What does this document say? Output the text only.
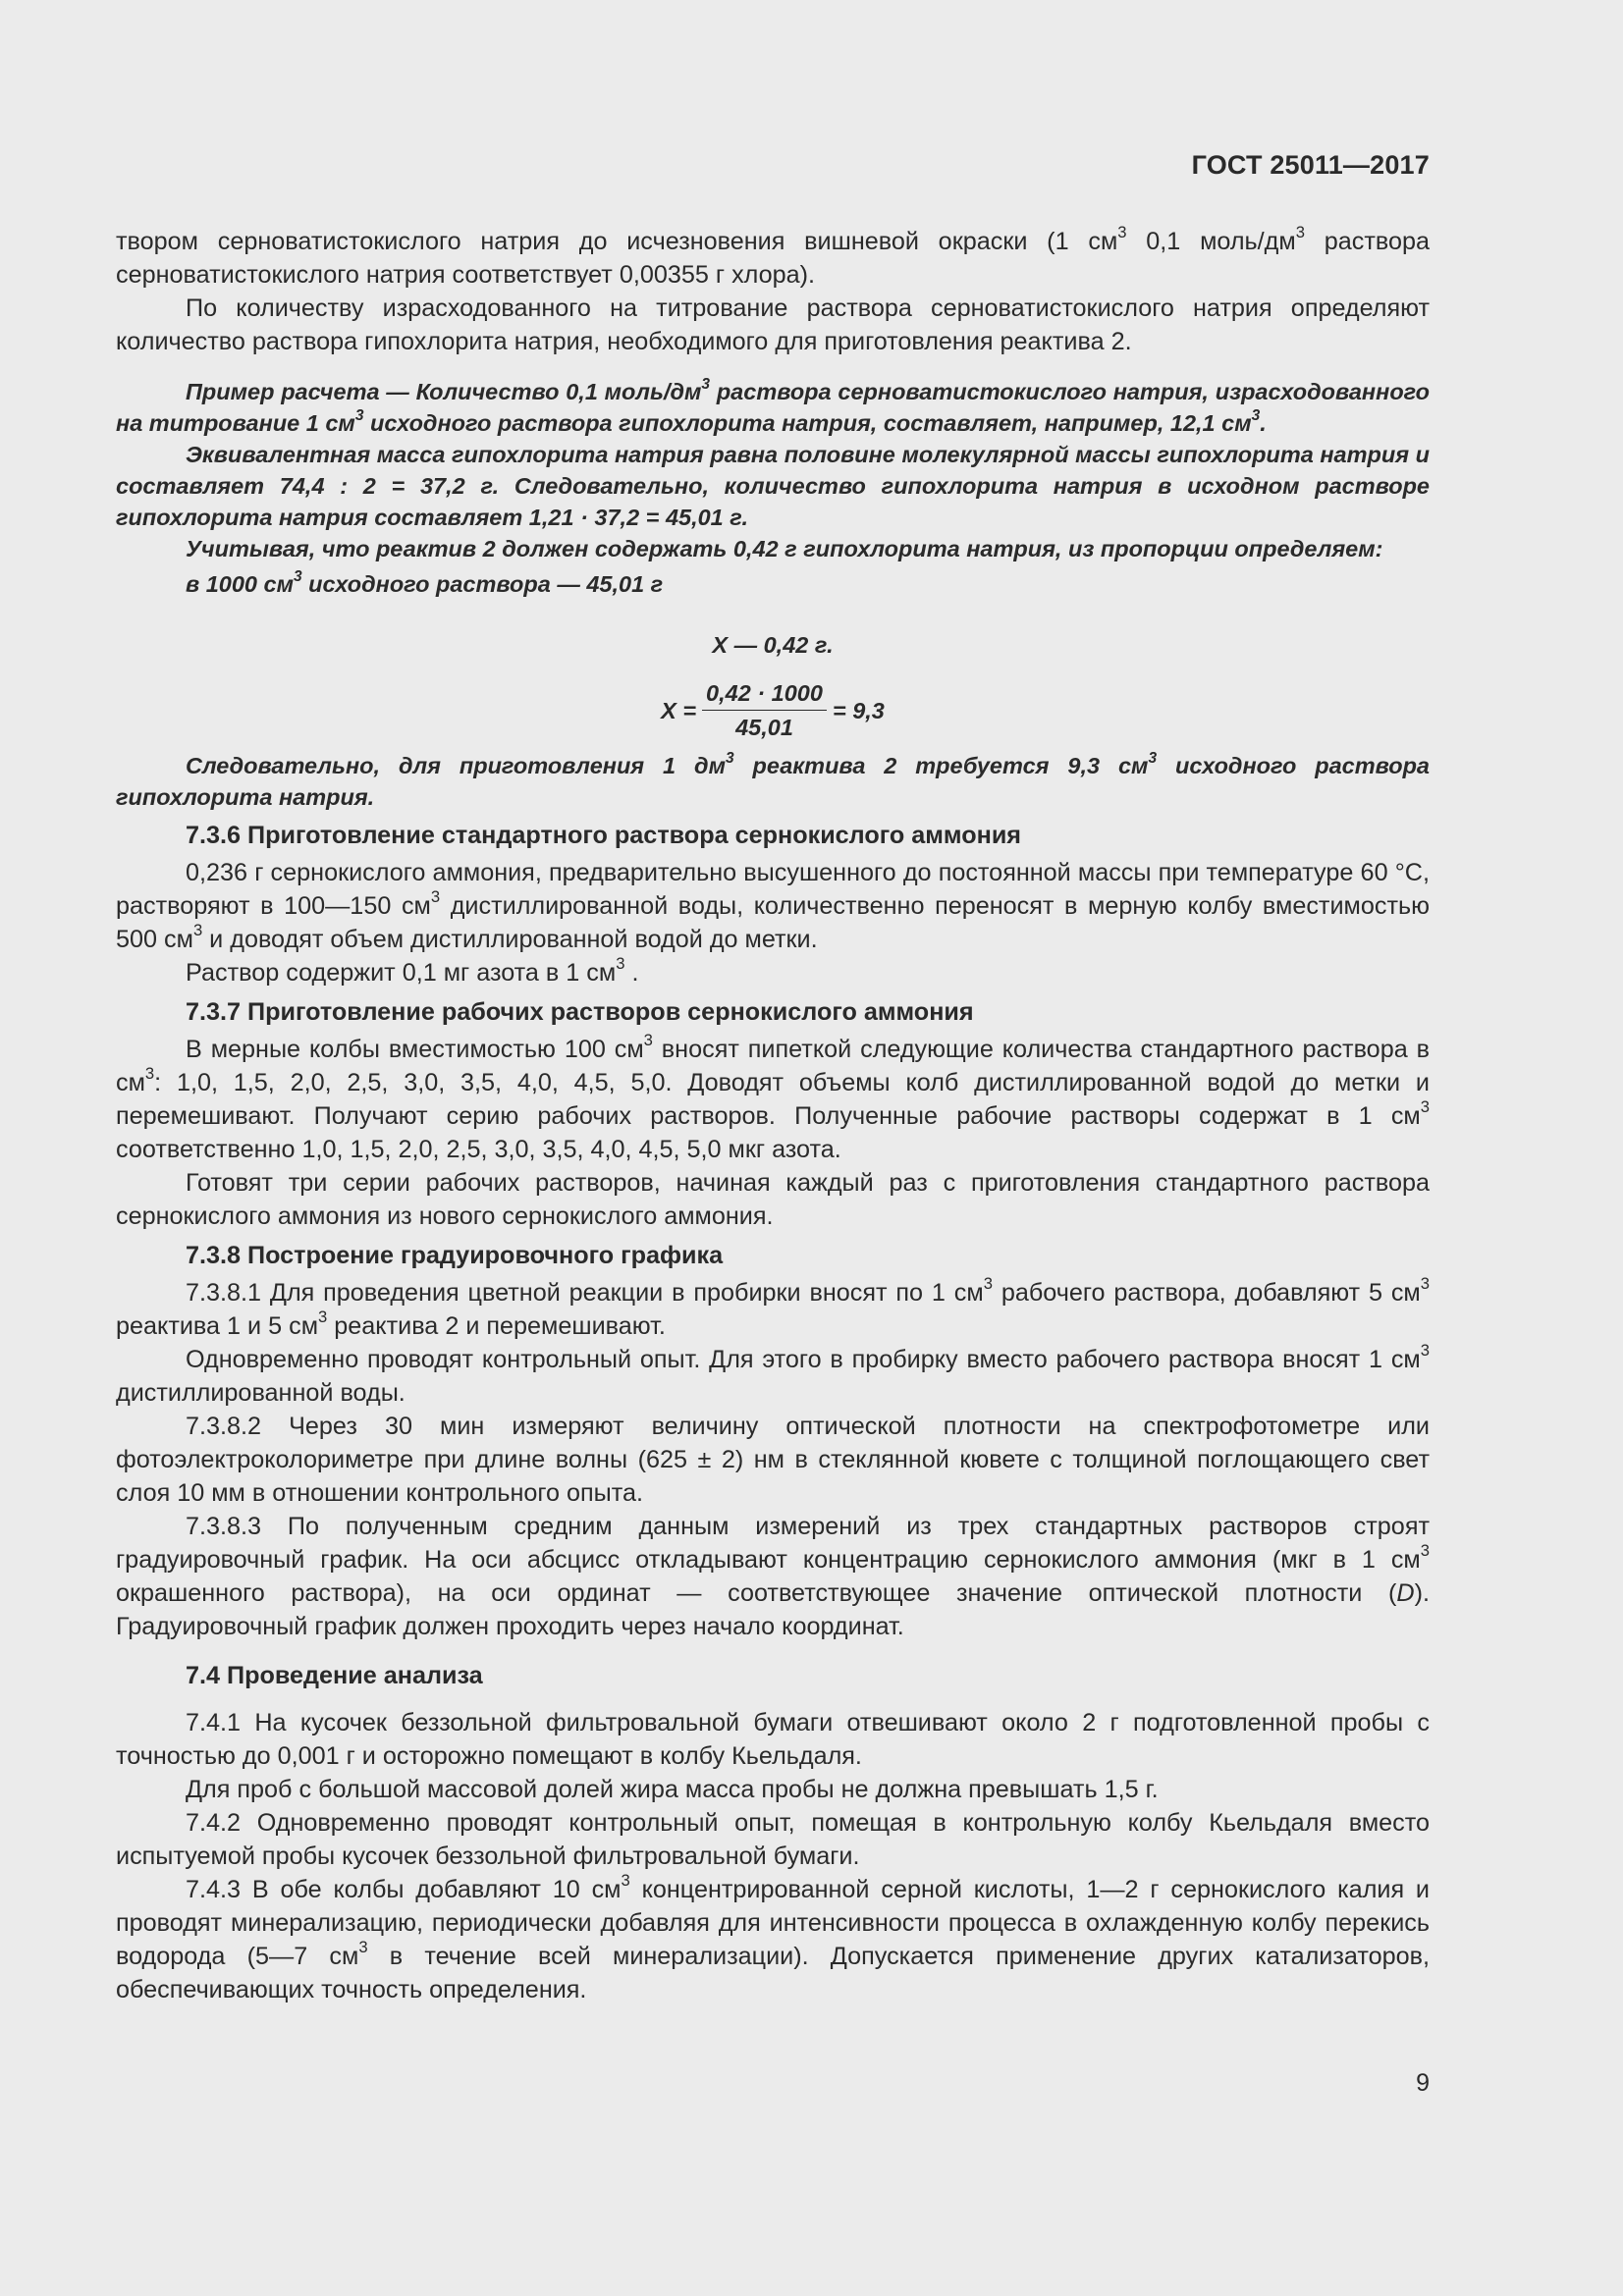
ГОСТ 25011—2017

твором серноватистокислого натрия до исчезновения вишневой окраски (1 $см^3$ 0,1 моль/$дм^3$ раствора серноватистокислого натрия соответствует 0,00355 г хлора).

По количеству израсходованного на титрование раствора серноватистокислого натрия определяют количество раствора гипохлорита натрия, необходимого для приготовления реактива 2.

Пример расчета — Количество 0,1 моль/$дм^3$ раствора серноватистокислого натрия, израсходованного на титрование 1 $см^3$ исходного раствора гипохлорита натрия, составляет, например, 12,1 $см^3$.

Эквивалентная масса гипохлорита натрия равна половине молекулярной массы гипохлорита натрия и составляет 74,4 : 2 = 37,2 г. Следовательно, количество гипохлорита натрия в исходном растворе гипохлорита натрия составляет 1,21 · 37,2 = 45,01 г.

Учитывая, что реактив 2 должен содержать 0,42 г гипохлорита натрия, из пропорции определяем:

в 1000 $см^3$ исходного раствора — 45,01 г

X — 0,42 г.

$X = \frac{0,42 \cdot 1000}{45,01} = 9,3$

Следовательно, для приготовления 1 $дм^3$ реактива 2 требуется 9,3 $см^3$ исходного раствора гипохлорита натрия.

7.3.6 Приготовление стандартного раствора сернокислого аммония

0,236 г сернокислого аммония, предварительно высушенного до постоянной массы при температуре 60 °С, растворяют в 100—150 $см^3$ дистиллированной воды, количественно переносят в мерную колбу вместимостью 500 $см^3$ и доводят объем дистиллированной водой до метки.

Раствор содержит 0,1 мг азота в 1 $см^3$ .

7.3.7 Приготовление рабочих растворов сернокислого аммония

В мерные колбы вместимостью 100 $см^3$ вносят пипеткой следующие количества стандартного раствора в $см^3$: 1,0, 1,5, 2,0, 2,5, 3,0, 3,5, 4,0, 4,5, 5,0. Доводят объемы колб дистиллированной водой до метки и перемешивают. Получают серию рабочих растворов. Полученные рабочие растворы содержат в 1 $см^3$ соответственно 1,0, 1,5, 2,0, 2,5, 3,0, 3,5, 4,0, 4,5, 5,0 мкг азота.

Готовят три серии рабочих растворов, начиная каждый раз с приготовления стандартного раствора сернокислого аммония из нового сернокислого аммония.

7.3.8 Построение градуировочного графика

7.3.8.1 Для проведения цветной реакции в пробирки вносят по 1 $см^3$ рабочего раствора, добавляют 5 $см^3$ реактива 1 и 5 $см^3$ реактива 2 и перемешивают.

Одновременно проводят контрольный опыт. Для этого в пробирку вместо рабочего раствора вносят 1 $см^3$ дистиллированной воды.

7.3.8.2 Через 30 мин измеряют величину оптической плотности на спектрофотометре или фотоэлектроколориметре при длине волны (625 ± 2) нм в стеклянной кювете с толщиной поглощающего свет слоя 10 мм в отношении контрольного опыта.

7.3.8.3 По полученным средним данным измерений из трех стандартных растворов строят градуировочный график. На оси абсцисс откладывают концентрацию сернокислого аммония (мкг в 1 $см^3$ окрашенного раствора), на оси ординат — соответствующее значение оптической плотности (D). Градуировочный график должен проходить через начало координат.

7.4 Проведение анализа

7.4.1 На кусочек беззольной фильтровальной бумаги отвешивают около 2 г подготовленной пробы с точностью до 0,001 г и осторожно помещают в колбу Кьельдаля.

Для проб с большой массовой долей жира масса пробы не должна превышать 1,5 г.

7.4.2 Одновременно проводят контрольный опыт, помещая в контрольную колбу Кьельдаля вместо испытуемой пробы кусочек беззольной фильтровальной бумаги.

7.4.3 В обе колбы добавляют 10 $см^3$ концентрированной серной кислоты, 1—2 г сернокислого калия и проводят минерализацию, периодически добавляя для интенсивности процесса в охлажденную колбу перекись водорода (5—7 $см^3$ в течение всей минерализации). Допускается применение других катализаторов, обеспечивающих точность определения.

9
